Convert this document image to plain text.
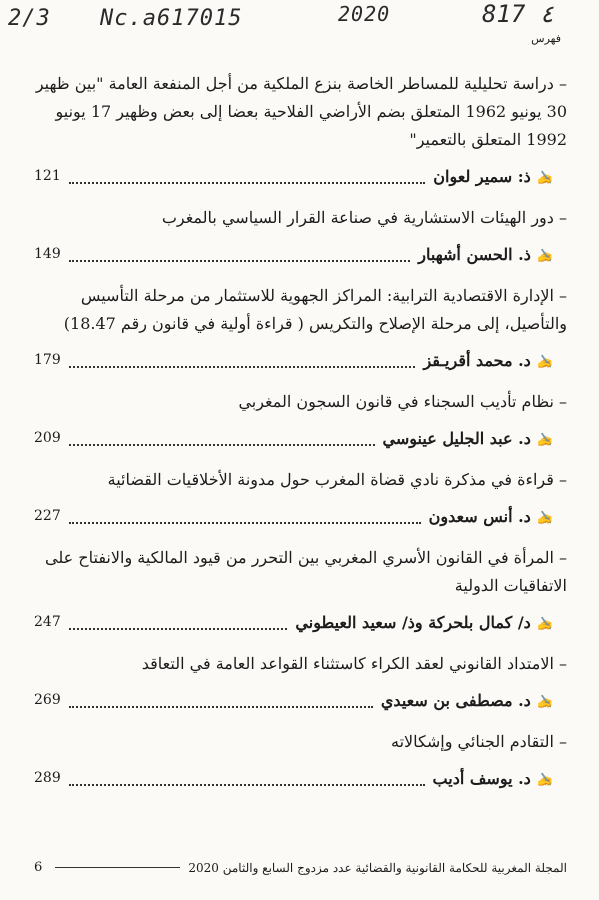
2/3 Nc.a617015	2020	817 ٤
فهرس

– دراسة تحليلية للمساطر الخاصة بنزع الملكية من أجل المنفعة العامة "بين ظهير 30 يونيو 1962 المتعلق بضم الأراضي الفلاحية بعضا إلى بعض وظهير 17 يونيو 1992 المتعلق بالتعمير"

✍ذ: سمير لعوان
121

– دور الهيئات الاستشارية في صناعة القرار السياسي بالمغرب

✍ذ. الحسن أشهبار
149

– الإدارة الاقتصادية الترابية: المراكز الجهوية للاستثمار من مرحلة التأسيس والتأصيل، إلى مرحلة الإصلاح والتكريس ( قراءة أولية في قانون رقم 18.47)

✍د. محمد أقريـقز
179

– نظام تأديب السجناء في قانون السجون المغربي

✍د. عبد الجليل عينوسي
209

– قراءة في مذكرة نادي قضاة المغرب حول مدونة الأخلاقيات القضائية

✍د. أنس سعدون
227

– المرأة في القانون الأسري المغربي بين التحرر من قيود المالكية والانفتاح على الاتفاقيات الدولية

✍د/ كمال بلحركة وذ/ سعيد العيطوني
247

– الامتداد القانوني لعقد الكراء كاستثناء القواعد العامة في التعاقد

✍د. مصطفى بن سعيدي
269

– التقادم الجنائي وإشكالاته

✍د. يوسف أديب
289
6	المجلة المغربية للحكامة القانونية والقضائية عدد مزدوج السابع والثامن 2020
